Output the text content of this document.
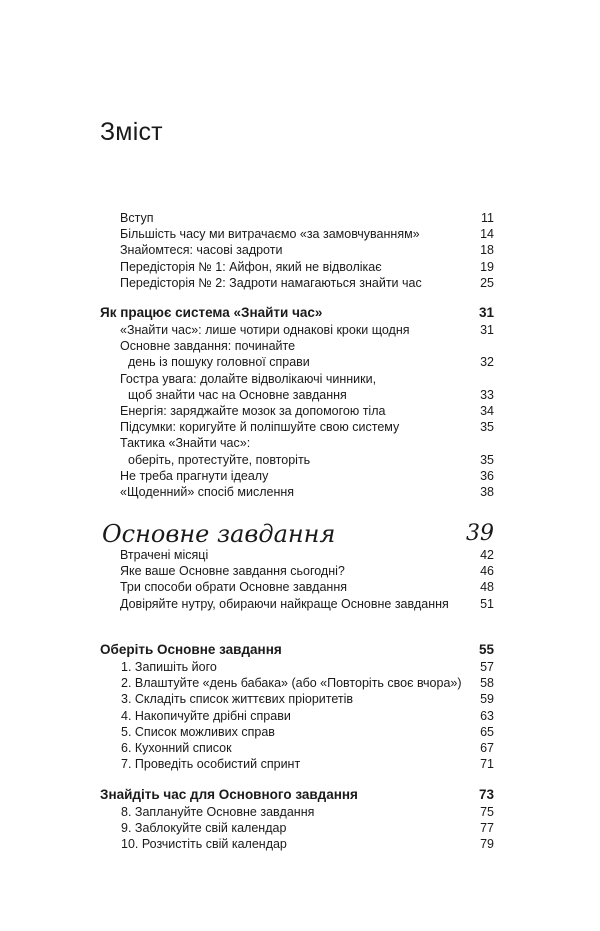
Зміст
Вступ	11
Більшість часу ми витрачаємо «за замовчуванням»	14
Знайомтеся: часові задроти	18
Передісторія № 1: Айфон, який не відволікає	19
Передісторія № 2: Задроти намагаються знайти час	25
Як працює система «Знайти час»	31
«Знайти час»: лише чотири однакові кроки щодня	31
Основне завдання: починайте
день із пошуку головної справи	32
Гостра увага: долайте відволікаючі чинники,
щоб знайти час на Основне завдання	33
Енергія: заряджайте мозок за допомогою тіла	34
Підсумки: коригуйте й поліпшуйте свою систему	35
Тактика «Знайти час»:
оберіть, протестуйте, повторіть	35
Не треба прагнути ідеалу	36
«Щоденний» спосіб мислення	38
Основне завдання	39
Втрачені місяці	42
Яке ваше Основне завдання сьогодні?	46
Три способи обрати Основне завдання	48
Довіряйте нутру, обираючи найкраще Основне завдання	51
Оберіть Основне завдання	55
1. Запишіть його	57
2. Влаштуйте «день бабака» (або «Повторіть своє вчора») 58
3. Складіть список життєвих пріоритетів	59
4. Накопичуйте дрібні справи	63
5. Список можливих справ	65
6. Кухонний список	67
7. Проведіть особистий спринт	71
Знайдіть час для Основного завдання	73
8. Заплануйте Основне завдання	75
9. Заблокуйте свій календар	77
10. Розчистіть свій календар	79
